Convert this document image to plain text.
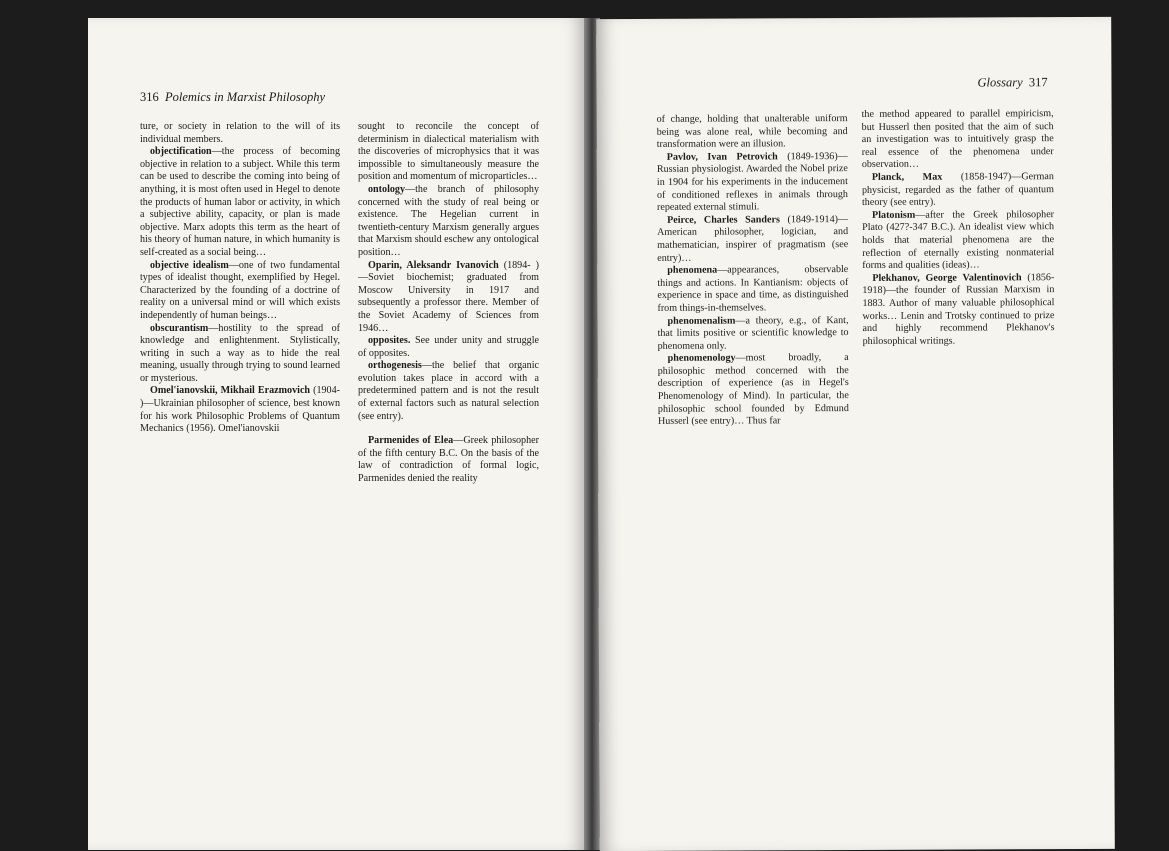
316 Polemics in Marxist Philosophy

ture, or society in relation to the will of its individual members.

objectification—the process of becoming objective in relation to a subject. While this term can be used to describe the coming into being of anything, it is most often used in Hegel to denote the products of human labor or activity, in which a subjective ability, capacity, or plan is made objective. Marx adopts this term as the heart of his theory of human nature, in which humanity is self-created as a social being…

objective idealism—one of two fundamental types of idealist thought, exemplified by Hegel. Characterized by the founding of a doctrine of reality on a universal mind or will which exists independently of human beings…

obscurantism—hostility to the spread of knowledge and enlightenment. Stylistically, writing in such a way as to hide the real meaning, usually through trying to sound learned or mysterious.

Omel'ianovskii, Mikhail Erazmovich (1904- )—Ukrainian philosopher of science, best known for his work Philosophic Problems of Quantum Mechanics (1956). Omel'ianovskii

sought to reconcile the concept of determinism in dialectical materialism with the discoveries of microphysics that it was impossible to simultaneously measure the position and momentum of microparticles…

ontology—the branch of philosophy concerned with the study of real being or existence. The Hegelian current in twentieth-century Marxism generally argues that Marxism should eschew any ontological position…

Oparin, Aleksandr Ivanovich (1894- )—Soviet biochemist; graduated from Moscow University in 1917 and subsequently a professor there. Member of the Soviet Academy of Sciences from 1946…

opposites. See under unity and struggle of opposites.

orthogenesis—the belief that organic evolution takes place in accord with a predetermined pattern and is not the result of external factors such as natural selection (see entry).

Parmenides of Elea—Greek philosopher of the fifth century B.C. On the basis of the law of contradiction of formal logic, Parmenides denied the reality

Glossary 317

of change, holding that unalterable uniform being was alone real, while becoming and transformation were an illusion.

Pavlov, Ivan Petrovich (1849-1936)—Russian physiologist. Awarded the Nobel prize in 1904 for his experiments in the inducement of conditioned reflexes in animals through repeated external stimuli.

Peirce, Charles Sanders (1849-1914)—American philosopher, logician, and mathematician, inspirer of pragmatism (see entry)…

phenomena—appearances, observable things and actions. In Kantianism: objects of experience in space and time, as distinguished from things-in-themselves.

phenomenalism—a theory, e.g., of Kant, that limits positive or scientific knowledge to phenomena only.

phenomenology—most broadly, a philosophic method concerned with the description of experience (as in Hegel's Phenomenology of Mind). In particular, the philosophic school founded by Edmund Husserl (see entry)… Thus far

the method appeared to parallel empiricism, but Husserl then posited that the aim of such an investigation was to intuitively grasp the real essence of the phenomena under observation…

Planck, Max (1858-1947)—German physicist, regarded as the father of quantum theory (see entry).

Platonism—after the Greek philosopher Plato (427?-347 B.C.). An idealist view which holds that material phenomena are the reflection of eternally existing nonmaterial forms and qualities (ideas)…

Plekhanov, George Valentinovich (1856-1918)—the founder of Russian Marxism in 1883. Author of many valuable philosophical works… Lenin and Trotsky continued to prize and highly recommend Plekhanov's philosophical writings.
